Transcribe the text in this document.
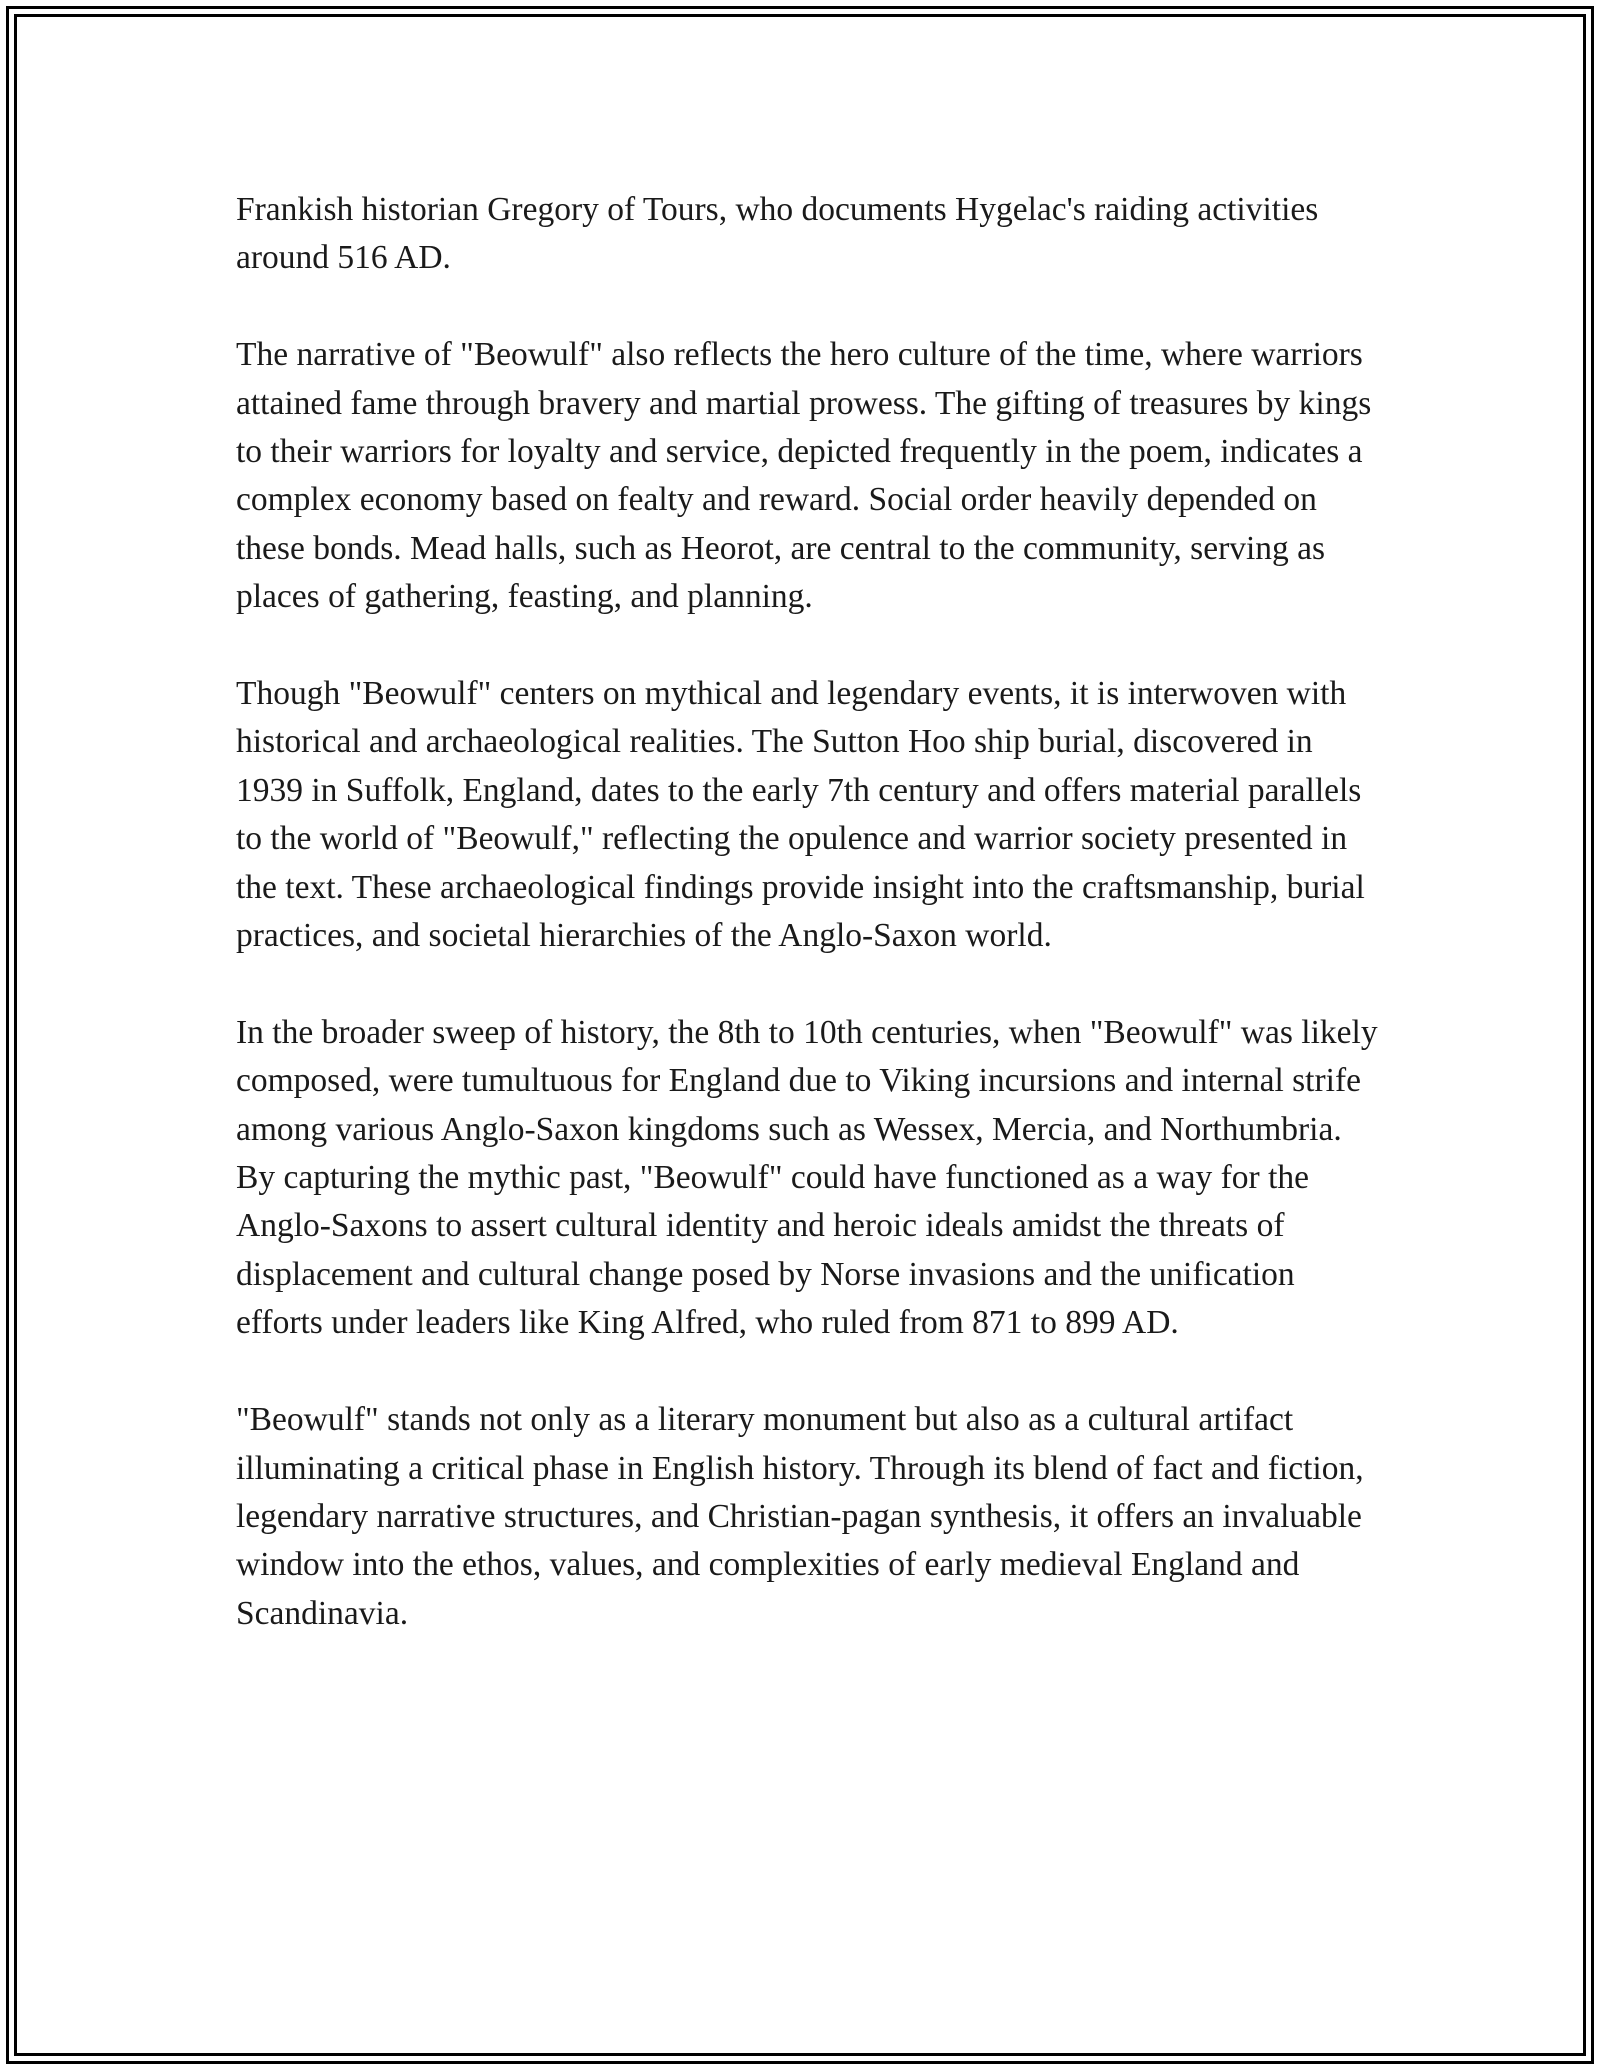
Frankish historian Gregory of Tours, who documents Hygelac's raiding activities around 516 AD.

The narrative of "Beowulf" also reflects the hero culture of the time, where warriors attained fame through bravery and martial prowess. The gifting of treasures by kings to their warriors for loyalty and service, depicted frequently in the poem, indicates a complex economy based on fealty and reward. Social order heavily depended on these bonds. Mead halls, such as Heorot, are central to the community, serving as places of gathering, feasting, and planning.

Though "Beowulf" centers on mythical and legendary events, it is interwoven with historical and archaeological realities. The Sutton Hoo ship burial, discovered in 1939 in Suffolk, England, dates to the early 7th century and offers material parallels to the world of "Beowulf," reflecting the opulence and warrior society presented in the text. These archaeological findings provide insight into the craftsmanship, burial practices, and societal hierarchies of the Anglo-Saxon world.

In the broader sweep of history, the 8th to 10th centuries, when "Beowulf" was likely composed, were tumultuous for England due to Viking incursions and internal strife among various Anglo-Saxon kingdoms such as Wessex, Mercia, and Northumbria. By capturing the mythic past, "Beowulf" could have functioned as a way for the Anglo-Saxons to assert cultural identity and heroic ideals amidst the threats of displacement and cultural change posed by Norse invasions and the unification efforts under leaders like King Alfred, who ruled from 871 to 899 AD.

"Beowulf" stands not only as a literary monument but also as a cultural artifact illuminating a critical phase in English history. Through its blend of fact and fiction, legendary narrative structures, and Christian-pagan synthesis, it offers an invaluable window into the ethos, values, and complexities of early medieval England and Scandinavia.
